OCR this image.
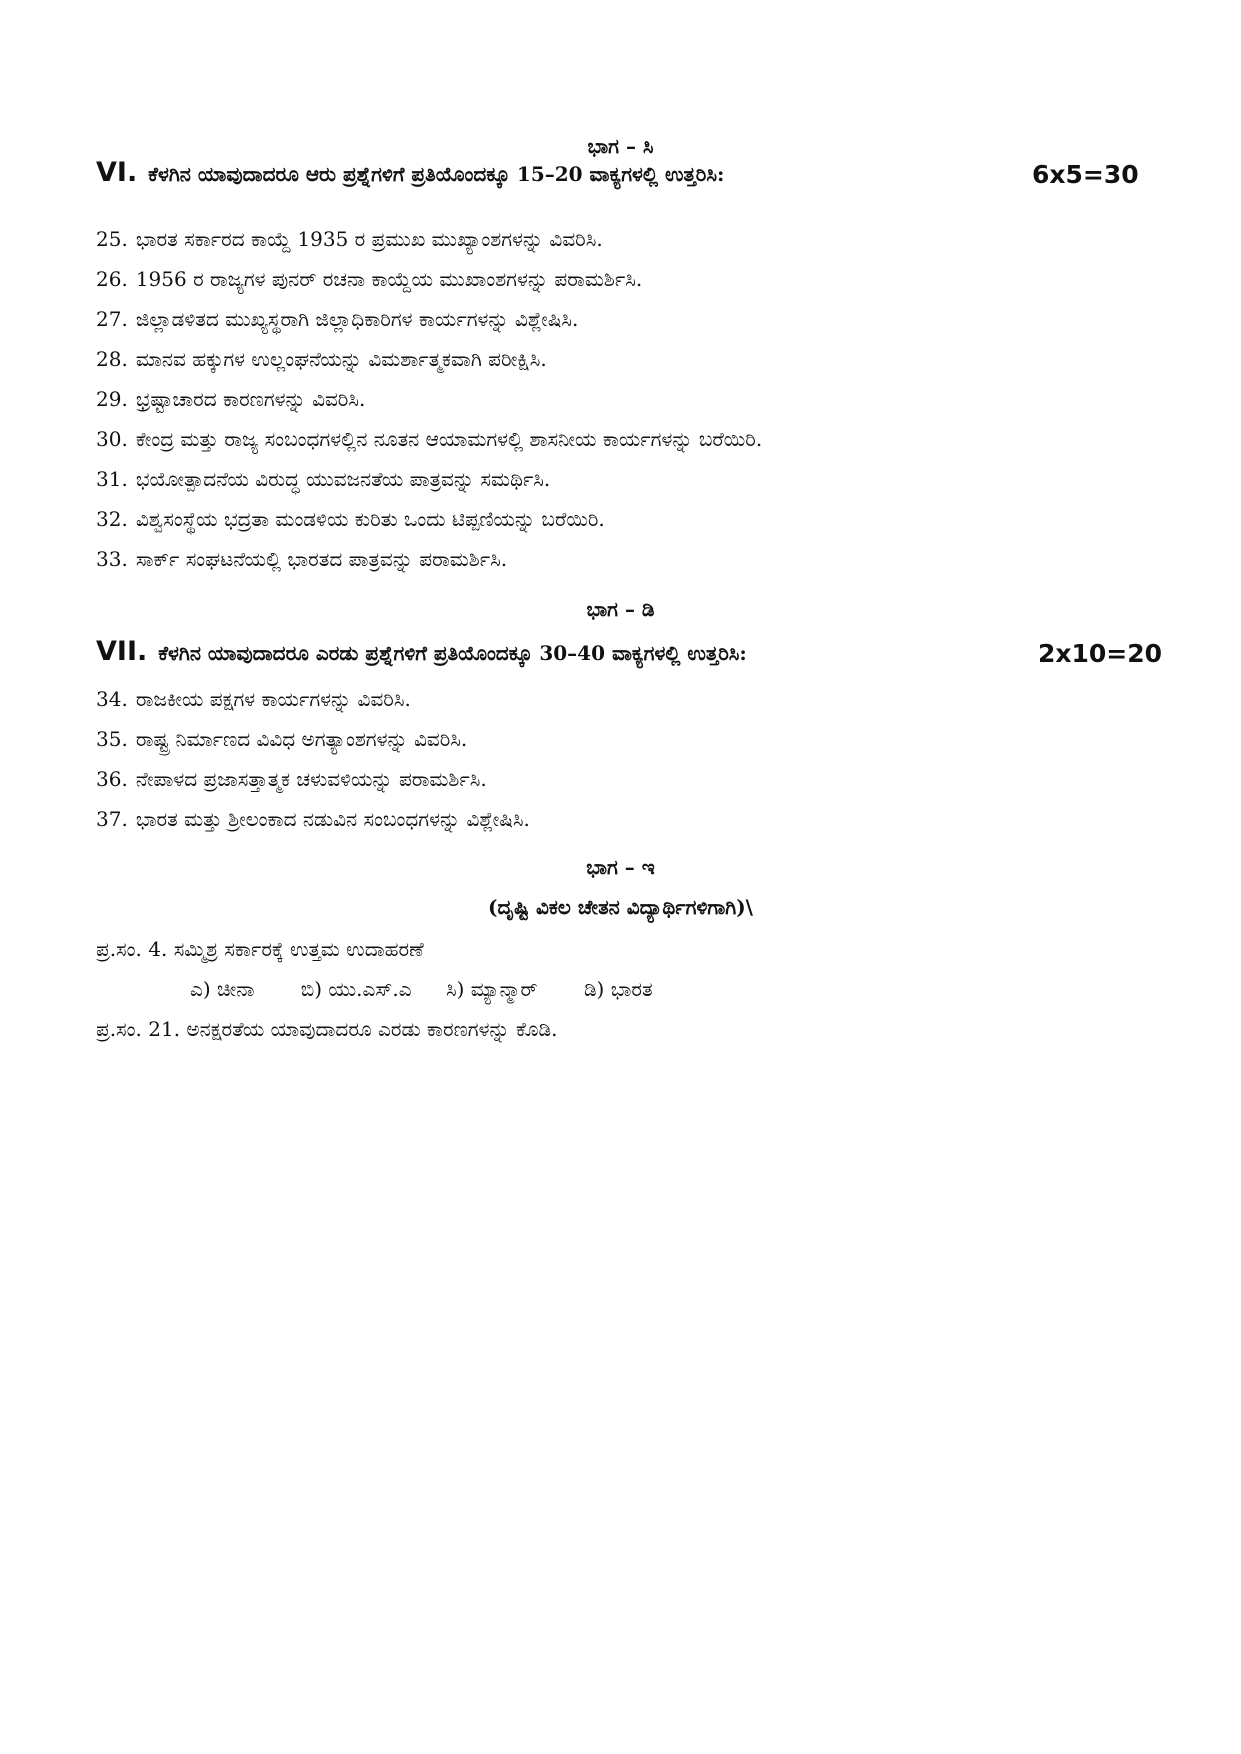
ಭಾಗ – ಸಿ
VI. ಕೆಳಗಿನ ಯಾವುದಾದರೂ ಆರು ಪ್ರಶ್ನೆಗಳಿಗೆ ಪ್ರತಿಯೊಂದಕ್ಕೂ 15–20 ವಾಕ್ಯಗಳಲ್ಲಿ ಉತ್ತರಿಸಿ:	6x5=30
25. ಭಾರತ ಸರ್ಕಾರದ ಕಾಯ್ದೆ 1935 ರ ಪ್ರಮುಖ ಮುಖ್ಯಾಂಶಗಳನ್ನು ವಿವರಿಸಿ.
26. 1956 ರ ರಾಜ್ಯಗಳ ಪುನರ್ ರಚನಾ ಕಾಯ್ದೆಯ ಮುಖಾಂಶಗಳನ್ನು ಪರಾಮರ್ಶಿಸಿ.
27. ಜಿಲ್ಲಾಡಳಿತದ ಮುಖ್ಯಸ್ಥರಾಗಿ ಜಿಲ್ಲಾಧಿಕಾರಿಗಳ ಕಾರ್ಯಗಳನ್ನು ವಿಶ್ಲೇಷಿಸಿ.
28. ಮಾನವ ಹಕ್ಕುಗಳ ಉಲ್ಲಂಘನೆಯನ್ನು ವಿಮರ್ಶಾತ್ಮಕವಾಗಿ ಪರೀಕ್ಷಿಸಿ.
29. ಭ್ರಷ್ಟಾಚಾರದ ಕಾರಣಗಳನ್ನು ವಿವರಿಸಿ.
30. ಕೇಂದ್ರ ಮತ್ತು ರಾಜ್ಯ ಸಂಬಂಧಗಳಲ್ಲಿನ ನೂತನ ಆಯಾಮಗಳಲ್ಲಿ ಶಾಸನೀಯ ಕಾರ್ಯಗಳನ್ನು ಬರೆಯಿರಿ.
31. ಭಯೋತ್ಪಾದನೆಯ ವಿರುದ್ಧ ಯುವಜನತೆಯ ಪಾತ್ರವನ್ನು ಸಮರ್ಥಿಸಿ.
32. ವಿಶ್ವಸಂಸ್ಥೆಯ ಭದ್ರತಾ ಮಂಡಳಿಯ ಕುರಿತು ಒಂದು ಟಿಪ್ಪಣಿಯನ್ನು ಬರೆಯಿರಿ.
33. ಸಾರ್ಕ್ ಸಂಘಟನೆಯಲ್ಲಿ ಭಾರತದ ಪಾತ್ರವನ್ನು ಪರಾಮರ್ಶಿಸಿ.
ಭಾಗ – ಡಿ
VII. ಕೆಳಗಿನ ಯಾವುದಾದರೂ ಎರಡು ಪ್ರಶ್ನೆಗಳಿಗೆ ಪ್ರತಿಯೊಂದಕ್ಕೂ 30–40 ವಾಕ್ಯಗಳಲ್ಲಿ ಉತ್ತರಿಸಿ:	2x10=20
34. ರಾಜಕೀಯ ಪಕ್ಷಗಳ ಕಾರ್ಯಗಳನ್ನು ವಿವರಿಸಿ.
35. ರಾಷ್ಟ್ರ ನಿರ್ಮಾಣದ ವಿವಿಧ ಅಗತ್ಯಾಂಶಗಳನ್ನು ವಿವರಿಸಿ.
36. ನೇಪಾಳದ ಪ್ರಜಾಸತ್ತಾತ್ಮಕ ಚಳುವಳಿಯನ್ನು ಪರಾಮರ್ಶಿಸಿ.
37. ಭಾರತ ಮತ್ತು ಶ್ರೀಲಂಕಾದ ನಡುವಿನ ಸಂಬಂಧಗಳನ್ನು ವಿಶ್ಲೇಷಿಸಿ.
ಭಾಗ – ಇ
(ದೃಷ್ಟಿ ವಿಕಲ ಚೇತನ ವಿದ್ಯಾರ್ಥಿಗಳಿಗಾಗಿ)\
ಪ್ರ.ಸಂ. 4. ಸಮ್ಮಿಶ್ರ ಸರ್ಕಾರಕ್ಕೆ ಉತ್ತಮ ಉದಾಹರಣೆ
ಎ) ಚೀನಾ ಬಿ) ಯು.ಎಸ್.ಎ ಸಿ) ಮ್ಯಾನ್ಮಾರ್ ಡಿ) ಭಾರತ
ಪ್ರ.ಸಂ. 21. ಅನಕ್ಷರತೆಯ ಯಾವುದಾದರೂ ಎರಡು ಕಾರಣಗಳನ್ನು ಕೊಡಿ.
